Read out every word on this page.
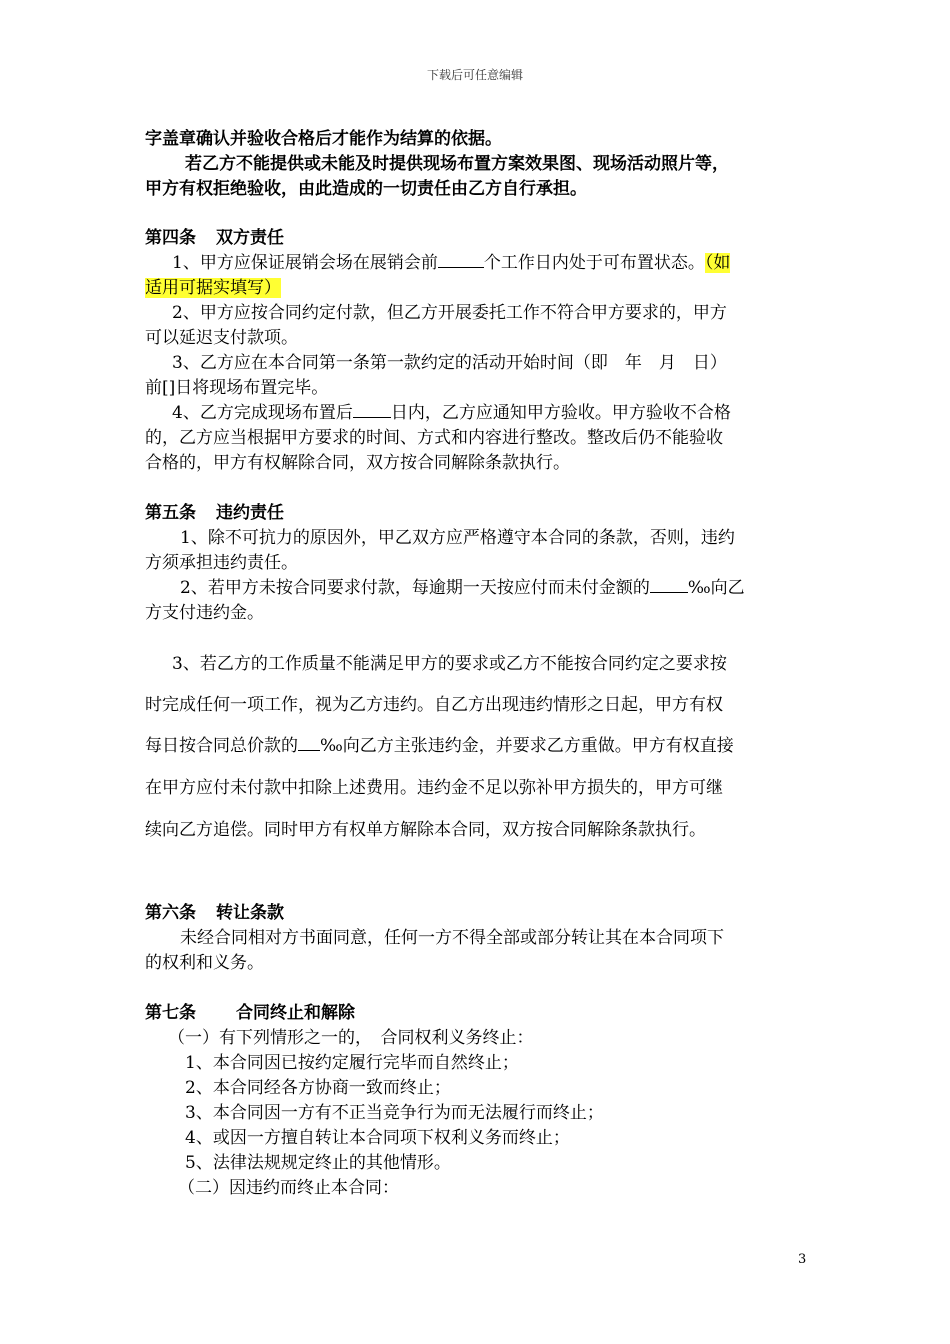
下载后可任意编辑
字盖章确认并验收合格后才能作为结算的依据。
若乙方不能提供或未能及时提供现场布置方案效果图、现场活动照片等，
甲方有权拒绝验收，由此造成的一切责任由乙方自行承担。
第四条 双方责任
1、甲方应保证展销会场在展销会前	个工作日内处于可布置状态。（如
适用可据实填写）
2、甲方应按合同约定付款，但乙方开展委托工作不符合甲方要求的，甲方
可以延迟支付款项。
3、乙方应在本合同第一条第一款约定的活动开始时间（即　年　月　日）
前[]日将现场布置完毕。
4、乙方完成现场布置后 日内，乙方应通知甲方验收。甲方验收不合格
的，乙方应当根据甲方要求的时间、方式和内容进行整改。整改后仍不能验收
合格的，甲方有权解除合同，双方按合同解除条款执行。
第五条 违约责任
1、除不可抗力的原因外，甲乙双方应严格遵守本合同的条款，否则，违约
方须承担违约责任。
2、若甲方未按合同要求付款，每逾期一天按应付而未付金额的 ‰向乙
方支付违约金。
3、若乙方的工作质量不能满足甲方的要求或乙方不能按合同约定之要求按
时完成任何一项工作，视为乙方违约。自乙方出现违约情形之日起，甲方有权
每日按合同总价款的 ‰向乙方主张违约金，并要求乙方重做。甲方有权直接
在甲方应付未付款中扣除上述费用。违约金不足以弥补甲方损失的，甲方可继
续向乙方追偿。同时甲方有权单方解除本合同，双方按合同解除条款执行。
第六条 转让条款
未经合同相对方书面同意，任何一方不得全部或部分转让其在本合同项下
的权利和义务。
第七条 合同终止和解除
（一）有下列情形之一的，　合同权利义务终止：
1、本合同因已按约定履行完毕而自然终止；
2、本合同经各方协商一致而终止；
3、本合同因一方有不正当竞争行为而无法履行而终止；
4、或因一方擅自转让本合同项下权利义务而终止；
5、法律法规规定终止的其他情形。
（二）因违约而终止本合同：
3
